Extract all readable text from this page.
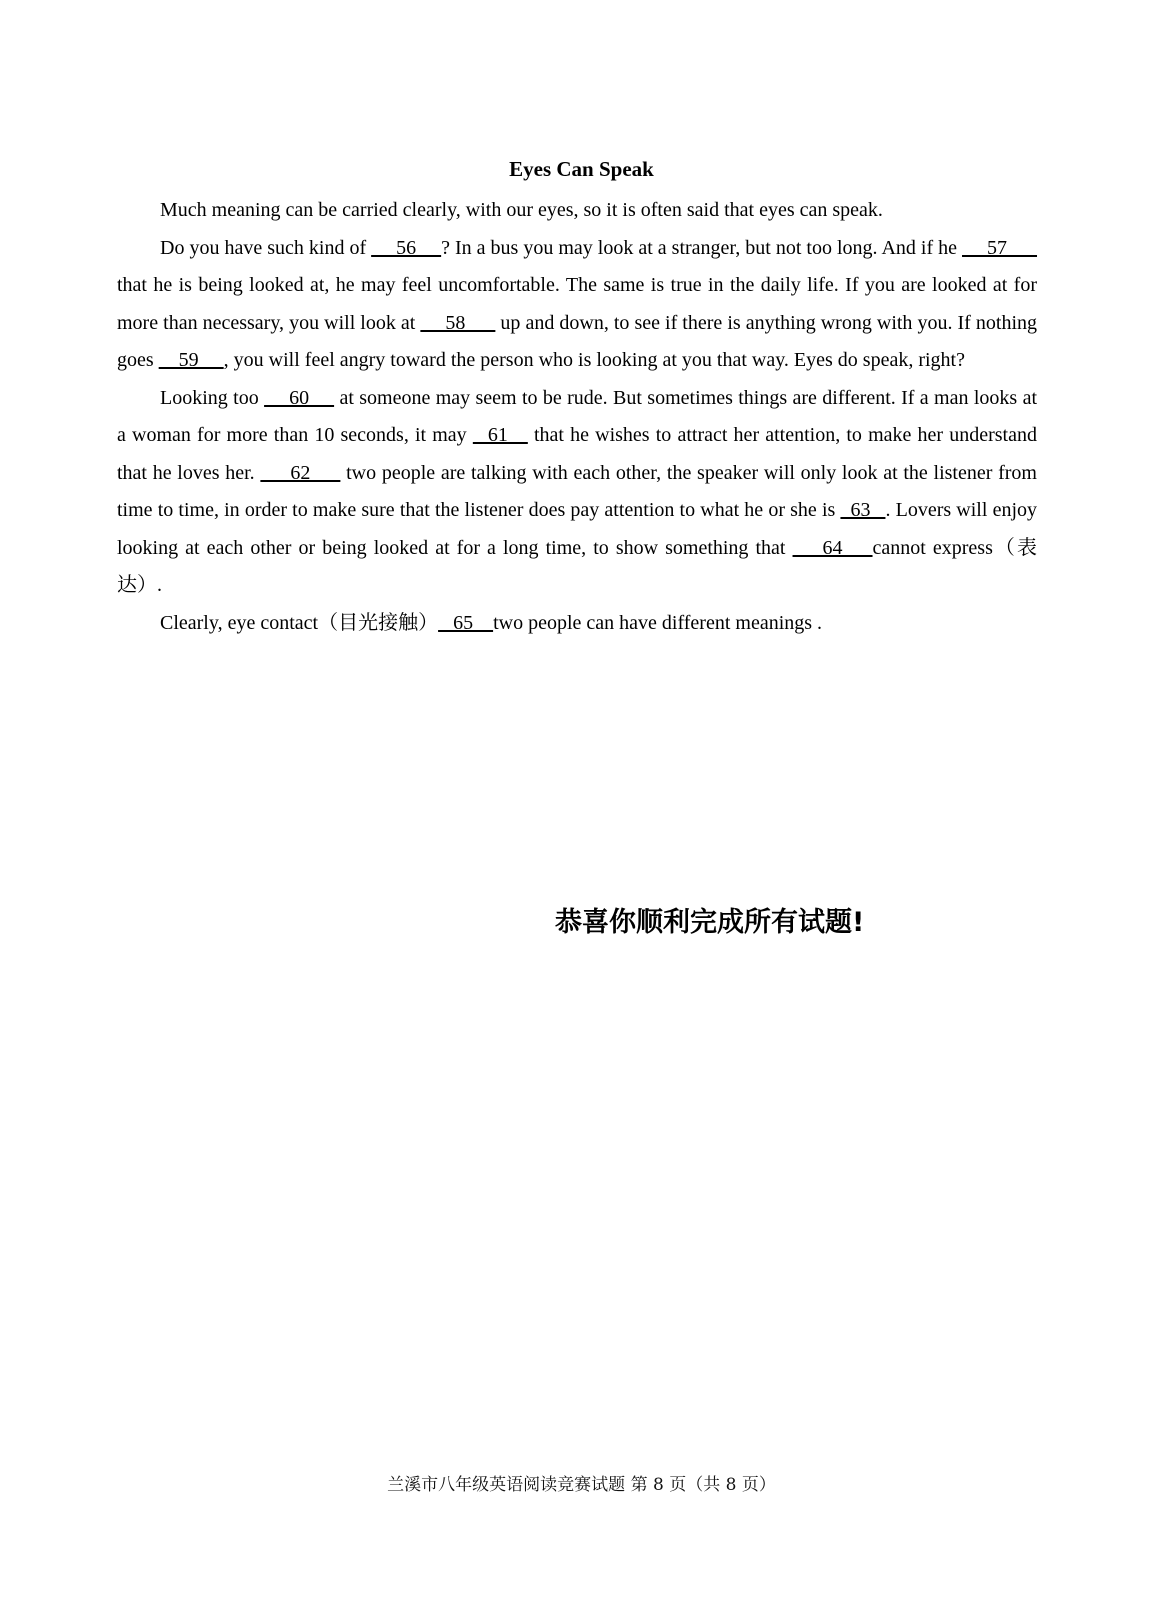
Eyes Can Speak

Much meaning can be carried clearly, with our eyes, so it is often said that eyes can speak.

Do you have such kind of      56     ? In a bus you may look at a stranger, but not too long. And if he      57      that he is being looked at, he may feel uncomfortable. The same is true in the daily life. If you are looked at for more than necessary, you will look at      58       up and down, to see if there is anything wrong with you. If nothing goes     59     , you will feel angry toward the person who is looking at you that way. Eyes do speak, right?

Looking too      60      at someone may seem to be rude. But sometimes things are different. If a man looks at a woman for more than 10 seconds, it may    61     that he wishes to attract her attention, to make her understand that he loves her.       62       two people are talking with each other, the speaker will only look at the listener from time to time, in order to make sure that the listener does pay attention to what he or she is   63   . Lovers will enjoy looking at each other or being looked at for a long time, to show something that       64      cannot express（表达）.

Clearly, eye contact（目光接触）   65    two people can have different meanings .

恭喜你顺利完成所有试题!
兰溪市八年级英语阅读竞赛试题 第 8 页（共 8 页）
